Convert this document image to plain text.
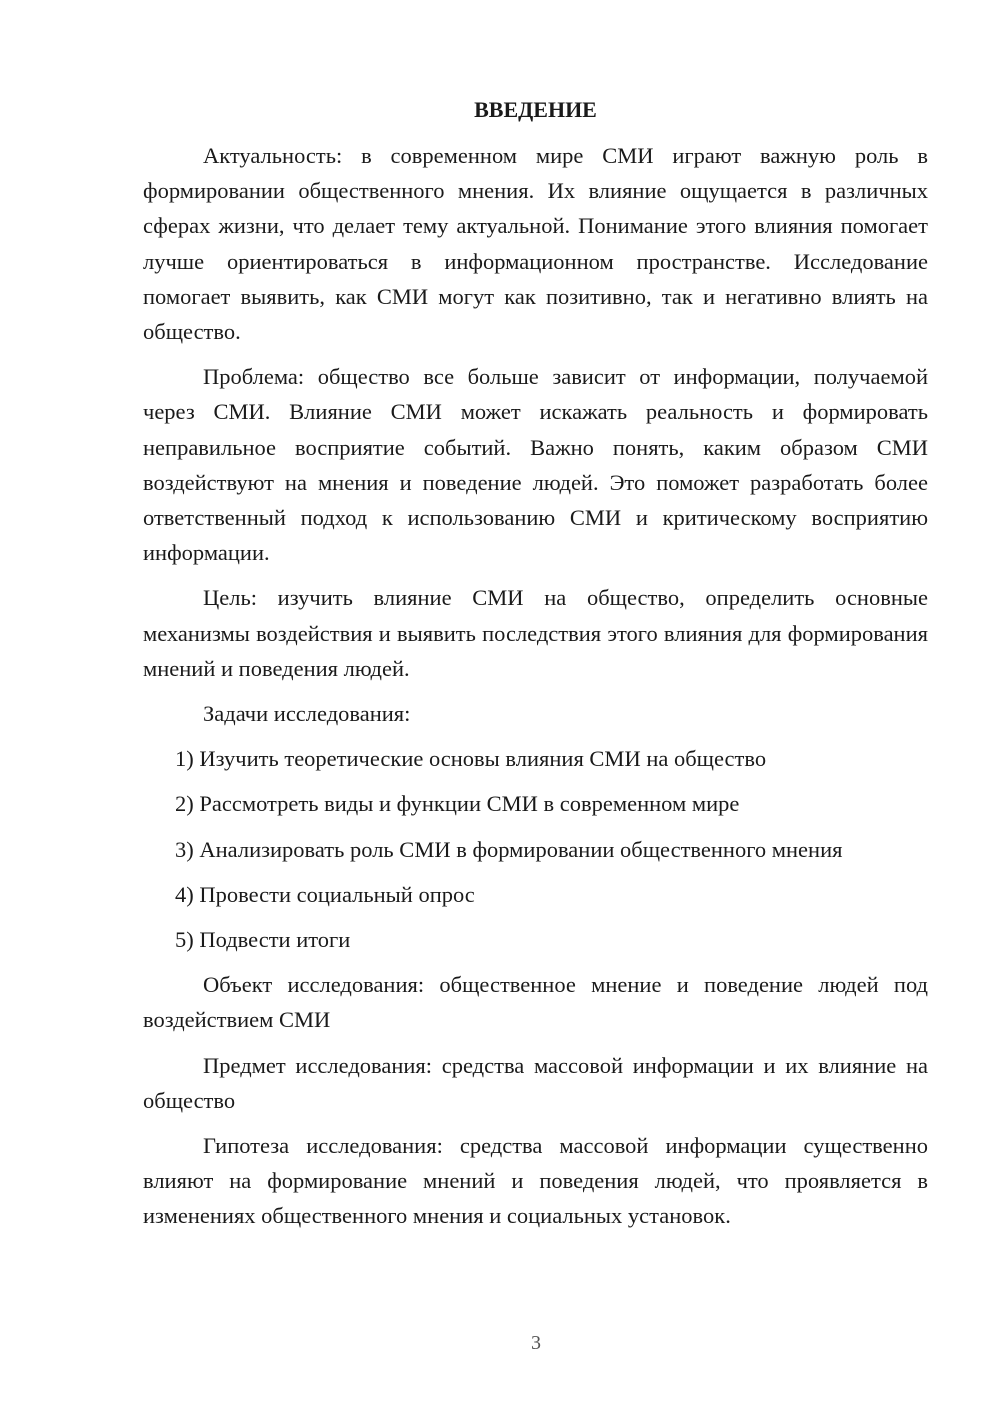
ВВЕДЕНИЕ

Актуальность: в современном мире СМИ играют важную роль в формировании общественного мнения. Их влияние ощущается в различных сферах жизни, что делает тему актуальной. Понимание этого влияния помогает лучше ориентироваться в информационном пространстве. Исследование помогает выявить, как СМИ могут как позитивно, так и негативно влиять на общество.

Проблема: общество все больше зависит от информации, получаемой через СМИ. Влияние СМИ может искажать реальность и формировать неправильное восприятие событий. Важно понять, каким образом СМИ воздействуют на мнения и поведение людей. Это поможет разработать более ответственный подход к использованию СМИ и критическому восприятию информации.

Цель: изучить влияние СМИ на общество, определить основные механизмы воздействия и выявить последствия этого влияния для формирования мнений и поведения людей.

Задачи исследования:

1) Изучить теоретические основы влияния СМИ на общество
2) Рассмотреть виды и функции СМИ в современном мире
3) Анализировать роль СМИ в формировании общественного мнения
4) Провести социальный опрос
5) Подвести итоги

Объект исследования: общественное мнение и поведение людей под воздействием СМИ

Предмет исследования: средства массовой информации и их влияние на общество

Гипотеза исследования: средства массовой информации существенно влияют на формирование мнений и поведения людей, что проявляется в изменениях общественного мнения и социальных установок.

3
